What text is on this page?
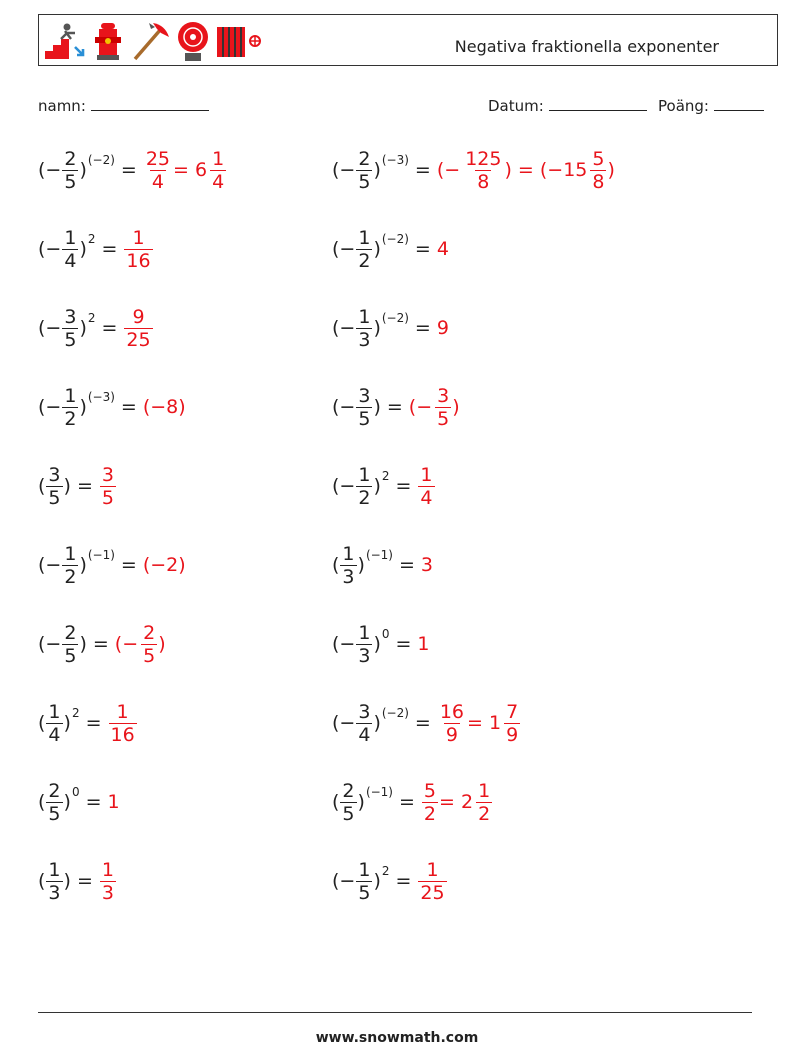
Negativa fraktionella exponenter
namn:	Datum:	Poäng:
(− $\frac{2}{5}$ ) $(-2) = \frac{25}{4} = 6 \frac{1}{4}$
(− $\frac{1}{4}$ ) $2 = \frac{1}{16}$
(− $\frac{3}{5}$ ) $2 = \frac{9}{25}$
(− $\frac{1}{2}$ ) (−3) = (−8)
( $\frac{3}{5}$ ) = $\frac{3}{5}$
(− $\frac{1}{2}$ ) (−1) = (−2)
(− $\frac{2}{5}$ ) = (− $\frac{2}{5}$ )
( $\frac{1}{4}$ ) $2 = \frac{1}{16}$
( $\frac{2}{5}$ ) 0 = 1
( $\frac{1}{3}$ ) = $\frac{1}{3}$
(− $\frac{2}{5}$ ) (−3) = (− $\frac{125}{8}$ ) = ($-15 \frac{5}{8}$ )
(− $\frac{1}{2}$ ) (−2) = 4
(− $\frac{1}{3}$ ) (−2) = 9
(− $\frac{3}{5}$ ) = (− $\frac{3}{5}$ )
(− $\frac{1}{2}$ ) $2 = \frac{1}{4}$
( $\frac{1}{3}$ ) (−1) = 3
(− $\frac{1}{3}$ ) 0 = 1
(− $\frac{3}{4}$ ) $(-2) = \frac{16}{9} = 1 \frac{7}{9}$
( $\frac{2}{5}$ ) $(-1) = \frac{5}{2} = 2 \frac{1}{2}$
(− $\frac{1}{5}$ ) $2 = \frac{1}{25}$
www.snowmath.com
